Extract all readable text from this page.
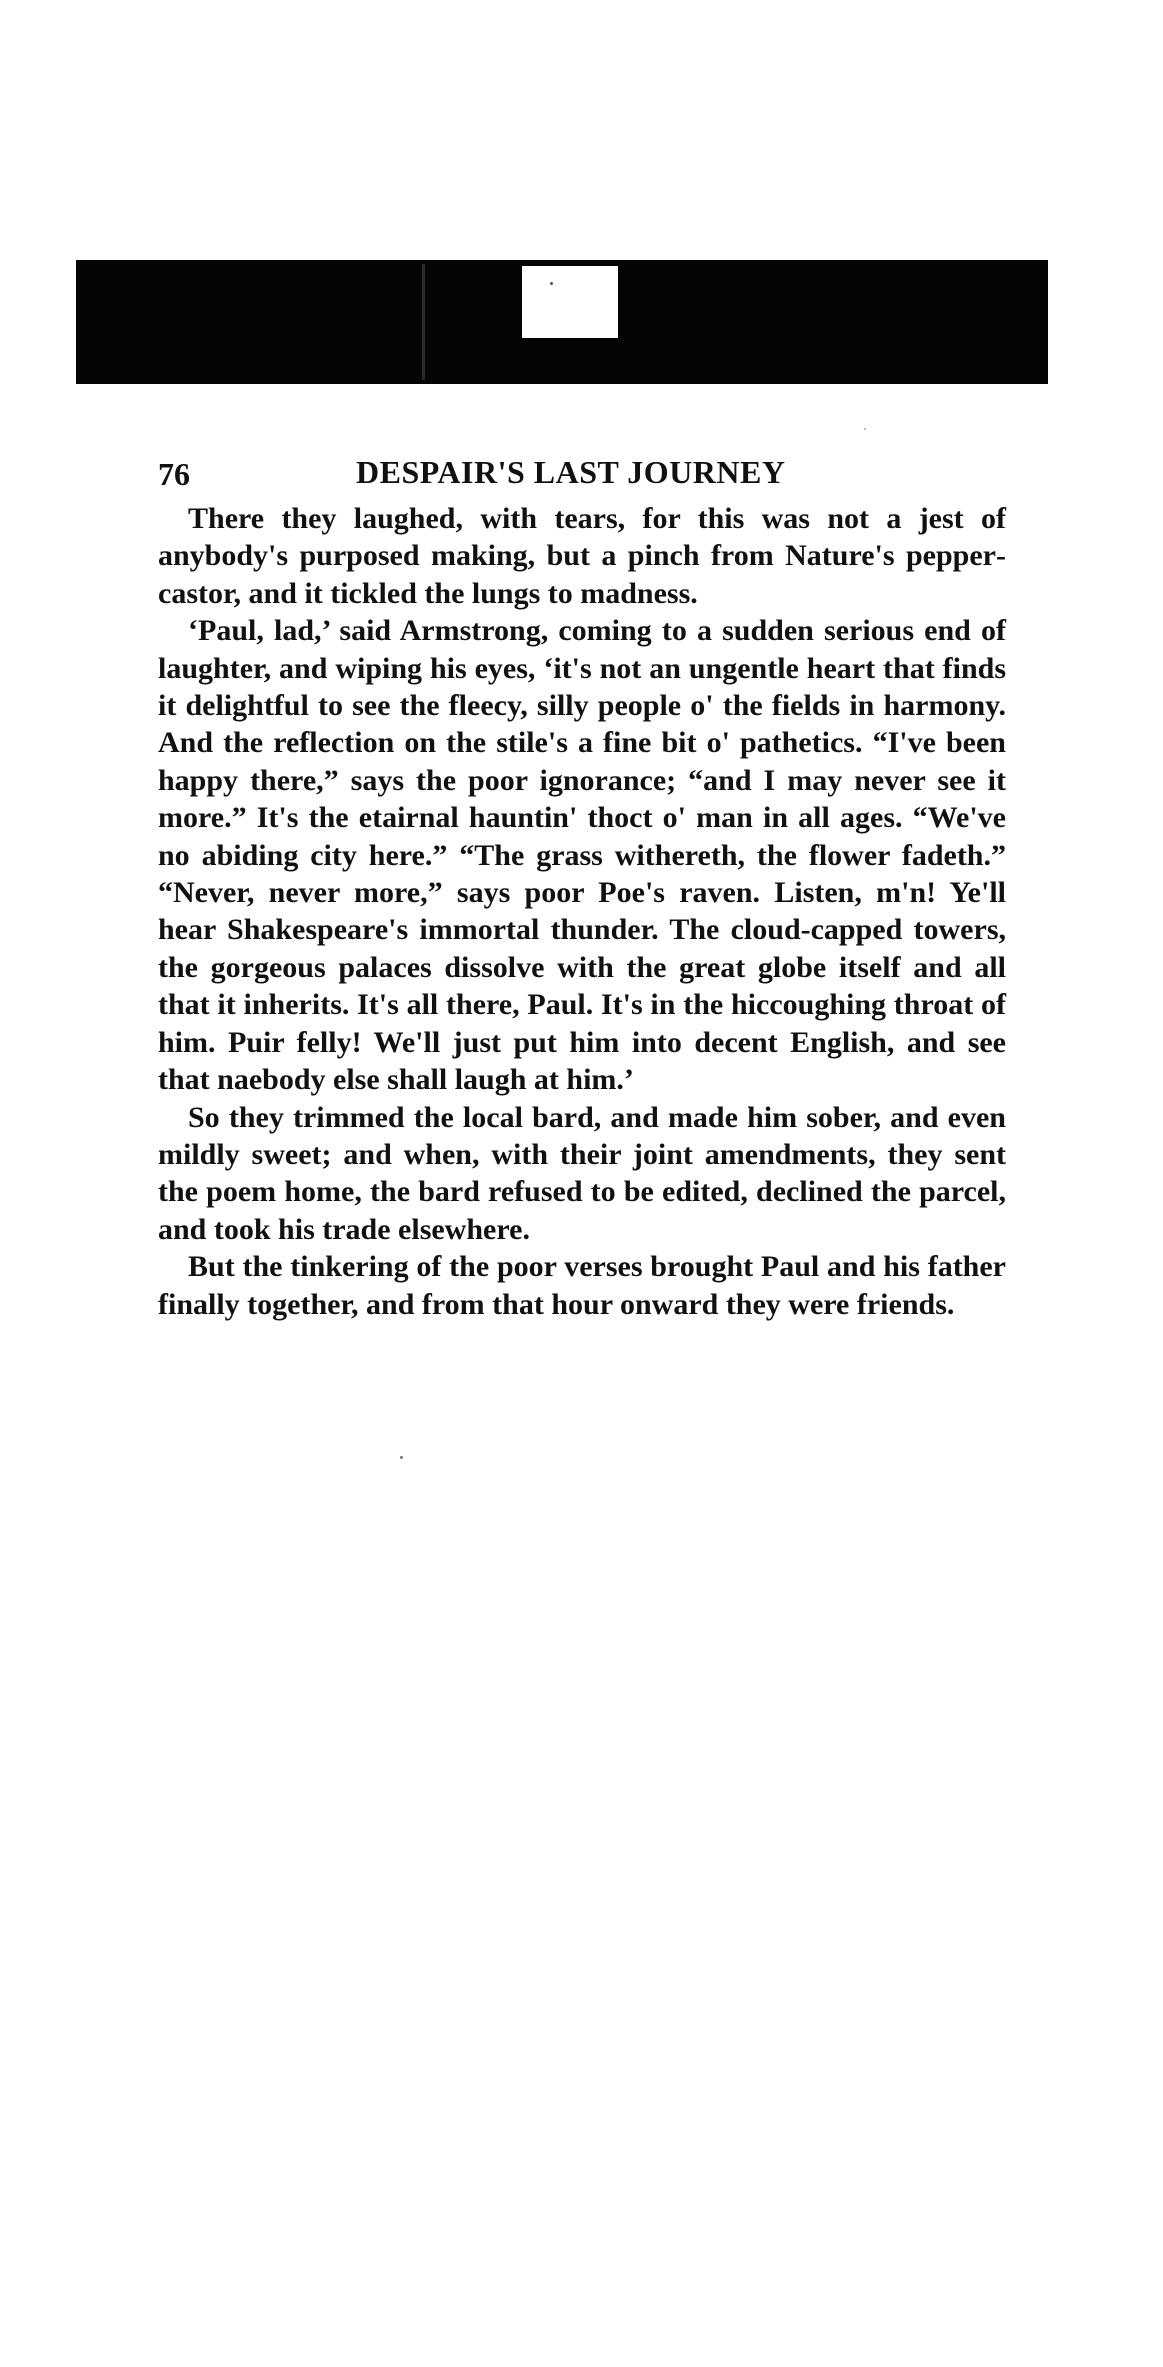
76	DESPAIR'S LAST JOURNEY

There they laughed, with tears, for this was not a jest of anybody's purposed making, but a pinch from Nature's peppercastor, and it tickled the lungs to madness.

‘Paul, lad,’ said Armstrong, coming to a sudden serious end of laughter, and wiping his eyes, ‘it's not an ungentle heart that finds it delightful to see the fleecy, silly people o' the fields in harmony. And the reflection on the stile's a fine bit o' pathetics. “I've been happy there,” says the poor ignorance; “and I may never see it more.” It's the etairnal hauntin' thoct o' man in all ages. “We've no abiding city here.” “The grass withereth, the flower fadeth.” “Never, never more,” says poor Poe's raven. Listen, m'n! Ye'll hear Shakespeare's immortal thunder. The cloud-capped towers, the gorgeous palaces dissolve with the great globe itself and all that it inherits. It's all there, Paul. It's in the hiccoughing throat of him. Puir felly! We'll just put him into decent English, and see that naebody else shall laugh at him.’

So they trimmed the local bard, and made him sober, and even mildly sweet; and when, with their joint amendments, they sent the poem home, the bard refused to be edited, declined the parcel, and took his trade elsewhere.

But the tinkering of the poor verses brought Paul and his father finally together, and from that hour onward they were friends.
